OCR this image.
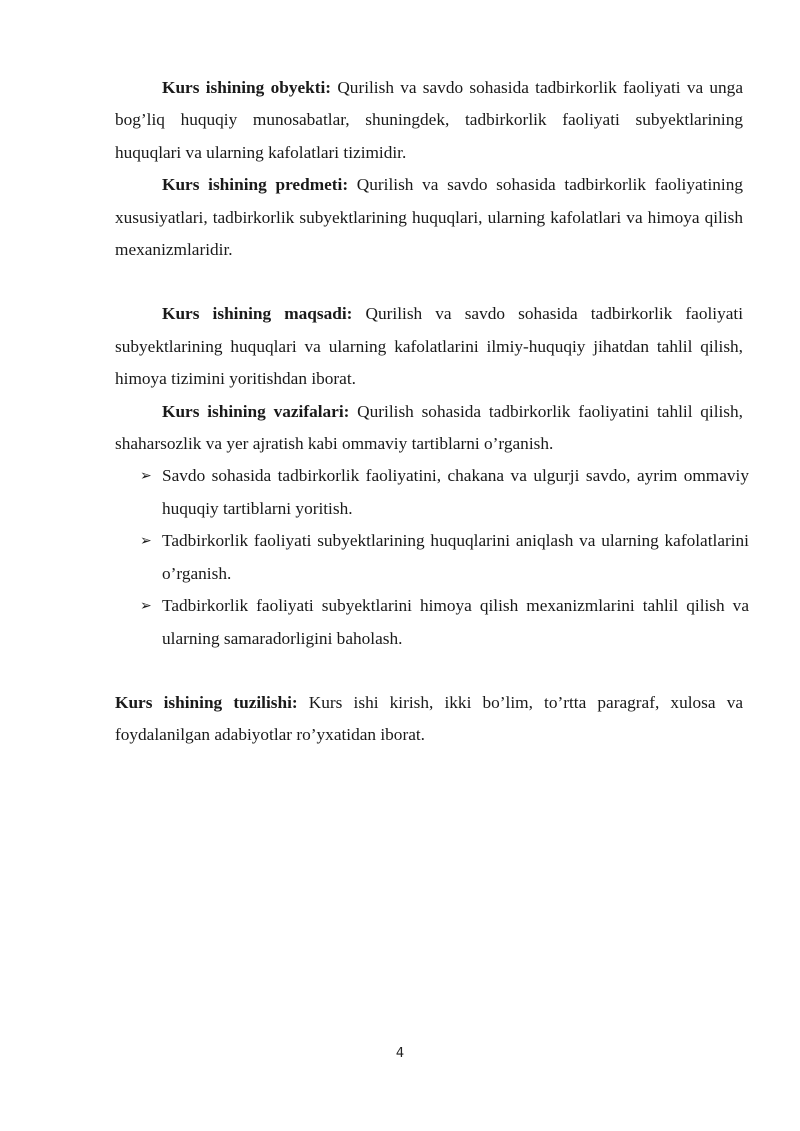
Kurs ishining obyekti: Qurilish va savdo sohasida tadbirkorlik faoliyati va unga bog’liq huquqiy munosabatlar, shuningdek, tadbirkorlik faoliyati subyektlarining huquqlari va ularning kafolatlari tizimidir.

Kurs ishining predmeti: Qurilish va savdo sohasida tadbirkorlik faoliyatining xususiyatlari, tadbirkorlik subyektlarining huquqlari, ularning kafolatlari va himoya qilish mexanizmlaridir.

Kurs ishining maqsadi: Qurilish va savdo sohasida tadbirkorlik faoliyati subyektlarining huquqlari va ularning kafolatlarini ilmiy-huquqiy jihatdan tahlil qilish, himoya tizimini yoritishdan iborat.

Kurs ishining vazifalari: Qurilish sohasida tadbirkorlik faoliyatini tahlil qilish, shaharsozlik va yer ajratish kabi ommaviy tartiblarni o’rganish.

➢ Savdo sohasida tadbirkorlik faoliyatini, chakana va ulgurji savdo, ayrim ommaviy huquqiy tartiblarni yoritish.
➢ Tadbirkorlik faoliyati subyektlarining huquqlarini aniqlash va ularning kafolatlarini o’rganish.
➢ Tadbirkorlik faoliyati subyektlarini himoya qilish mexanizmlarini tahlil qilish va ularning samaradorligini baholash.

Kurs ishining tuzilishi: Kurs ishi kirish, ikki bo’lim, to’rtta paragraf, xulosa va foydalanilgan adabiyotlar ro’yxatidan iborat.

4
